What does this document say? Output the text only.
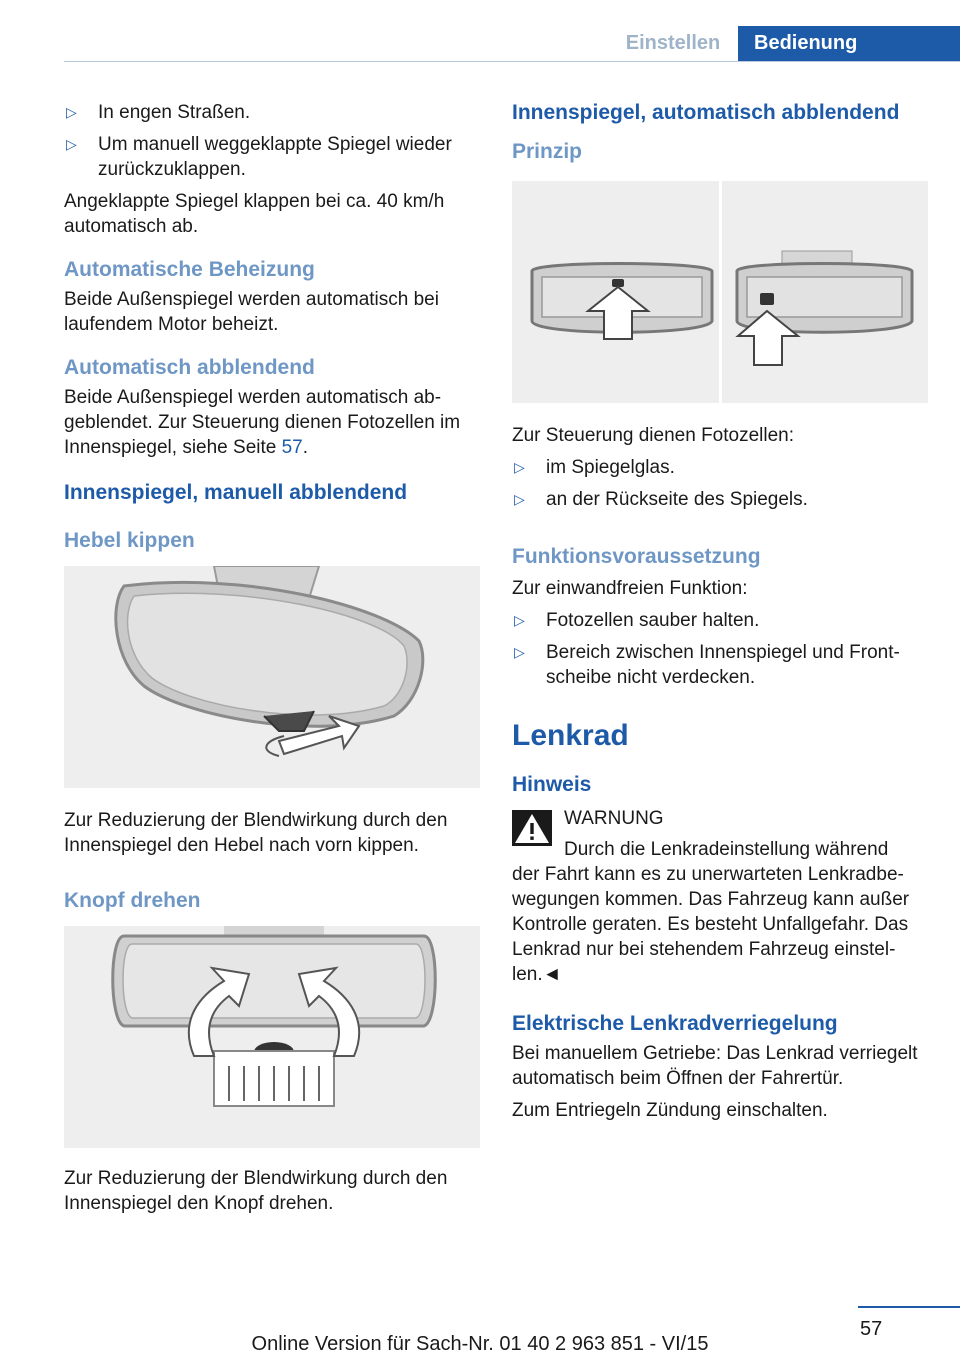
Einstellen	Bedienung
▷ In engen Straßen.
▷ Um manuell weggeklappte Spiegel wieder zurückzuklappen.

Angeklappte Spiegel klappen bei ca. 40 km/h automatisch ab.

Automatische Beheizung

Beide Außenspiegel werden automatisch bei laufendem Motor beheizt.

Automatisch abblendend

Beide Außenspiegel werden automatisch abgeblendet. Zur Steuerung dienen Fotozellen im Innenspiegel, siehe Seite 57.

Innenspiegel, manuell abblendend
Hebel kippen

Zur Reduzierung der Blendwirkung durch den Innenspiegel den Hebel nach vorn kippen.

Knopf drehen

Zur Reduzierung der Blendwirkung durch den Innenspiegel den Knopf drehen.

Innenspiegel, automatisch abblendend
Prinzip

Zur Steuerung dienen Fotozellen:

▷ im Spiegelglas.
▷ an der Rückseite des Spiegels.
Funktionsvoraussetzung

Zur einwandfreien Funktion:

▷ Fotozellen sauber halten.
▷ Bereich zwischen Innenspiegel und Frontscheibe nicht verdecken.
Lenkrad
Hinweis

WARNUNG

Durch die Lenkradeinstellung während

der Fahrt kann es zu unerwarteten Lenkradbewegungen kommen. Das Fahrzeug kann außer Kontrolle geraten. Es besteht Unfallgefahr. Das Lenkrad nur bei stehendem Fahrzeug einstellen.◄

Elektrische Lenkradverriegelung

Bei manuellem Getriebe: Das Lenkrad verriegelt automatisch beim Öffnen der Fahrertür.

Zum Entriegeln Zündung einschalten.

57
Online Version für Sach-Nr. 01 40 2 963 851 - VI/15
